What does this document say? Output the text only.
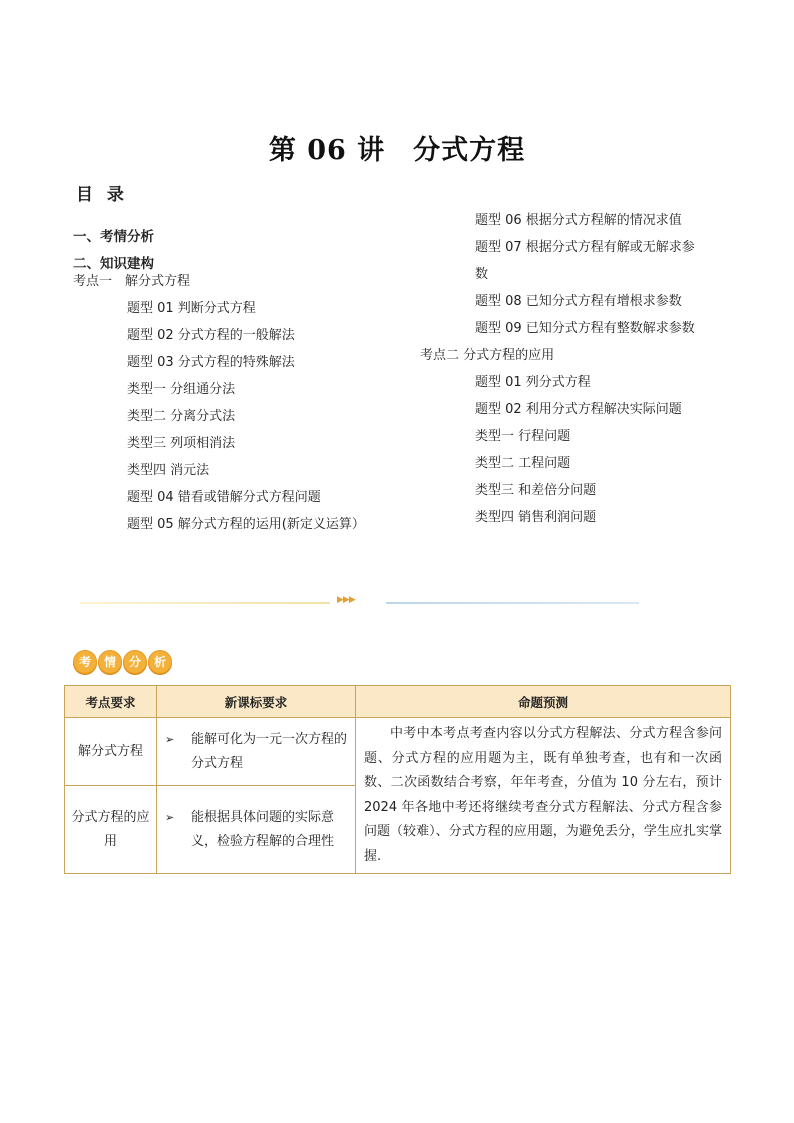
第 06 讲　分式方程
目 录
一、考情分析
二、知识建构
考点一　解分式方程
题型 01 判断分式方程
题型 02 分式方程的一般解法
题型 03 分式方程的特殊解法
类型一 分组通分法
类型二 分离分式法
类型三 列项相消法
类型四 消元法
题型 04 错看或错解分式方程问题
题型 05 解分式方程的运用(新定义运算）
题型 06 根据分式方程解的情况求值
题型 07 根据分式方程有解或无解求参
数
题型 08 已知分式方程有增根求参数
题型 09 已知分式方程有整数解求参数
考点二 分式方程的应用
题型 01 列分式方程
题型 02 利用分式方程解决实际问题
类型一 行程问题
类型二 工程问题
类型三 和差倍分问题
类型四 销售利润问题
▶▶▶
考	情	分	析
考点要求	新课标要求	命题预测
解分式方程	➢ 能解可化为一元一次方程的分式方程	中考中本考点考查内容以分式方程解法、分式方程含参问题、分式方程的应用题为主，既有单独考查，也有和一次函数、二次函数结合考察，年年考查，分值为 10 分左右，预计 2024 年各地中考还将继续考查分式方程解法、分式方程含参问题（较难）、分式方程的应用题，为避免丢分，学生应扎实掌握.
分式方程的应用	➢ 能根据具体问题的实际意义，检验方程解的合理性	
